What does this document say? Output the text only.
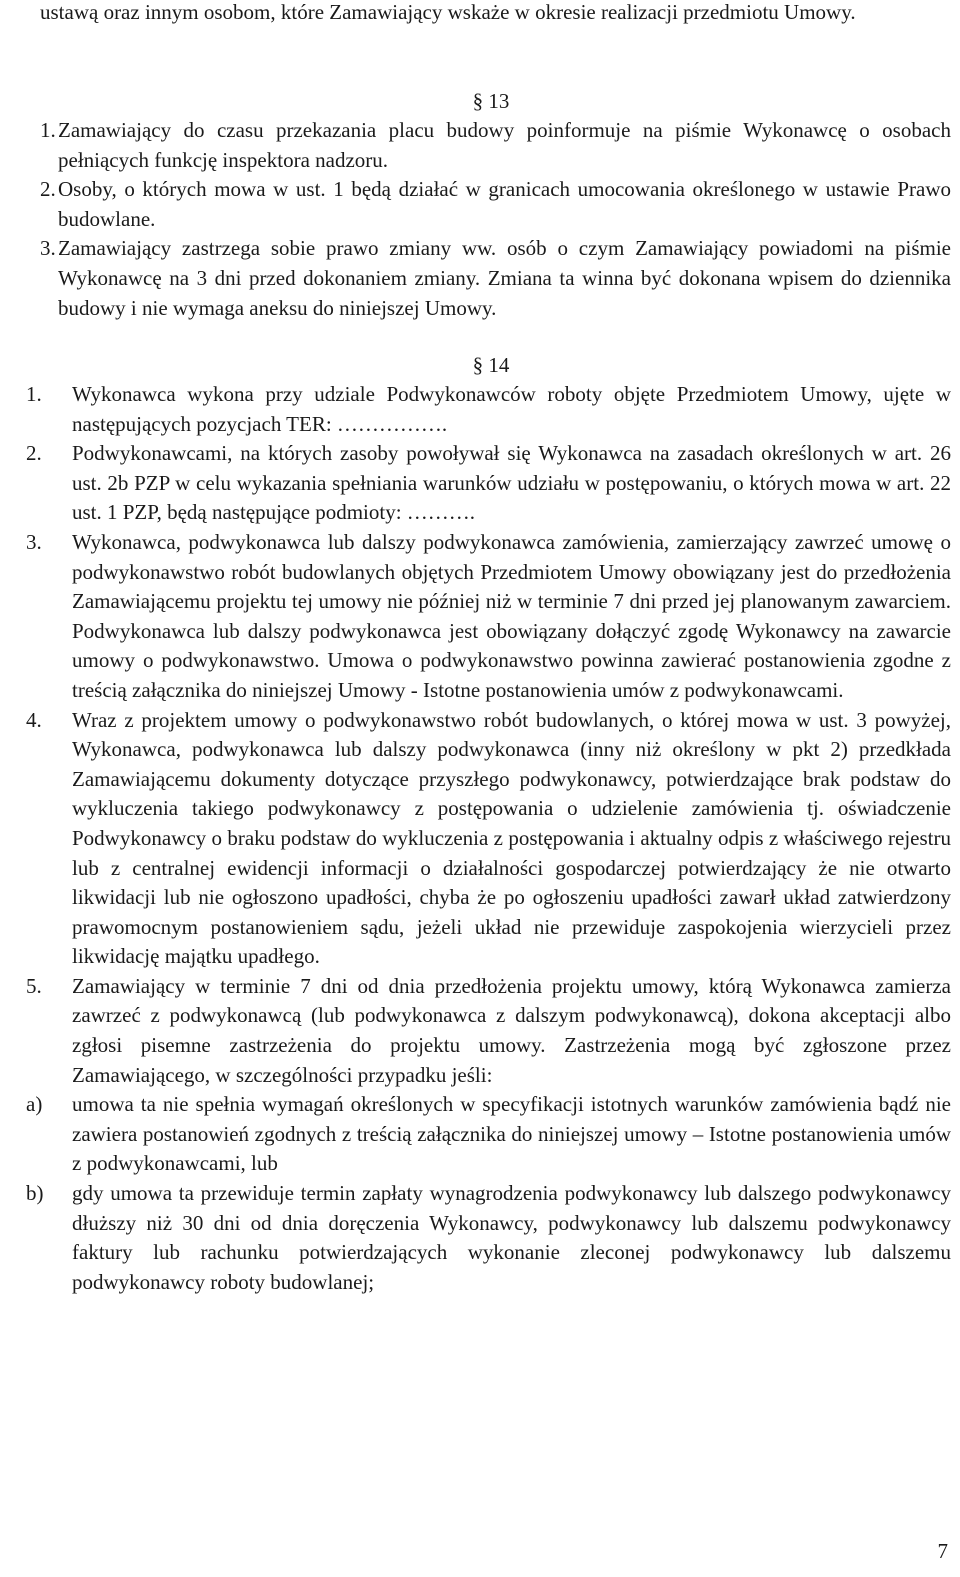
ustawą oraz innym osobom, które Zamawiający wskaże w okresie realizacji przedmiotu Umowy.

§ 13
1. Zamawiający do czasu przekazania placu budowy poinformuje na piśmie Wykonawcę o osobach pełniących funkcję inspektora nadzoru.
2. Osoby, o których mowa w ust. 1 będą działać w granicach umocowania określonego w ustawie Prawo budowlane.
3. Zamawiający zastrzega sobie prawo zmiany ww. osób o czym Zamawiający powiadomi na piśmie Wykonawcę na 3 dni przed dokonaniem zmiany. Zmiana ta winna być dokonana wpisem do dziennika budowy i nie wymaga aneksu do niniejszej Umowy.
§ 14
1. Wykonawca wykona przy udziale Podwykonawców roboty objęte Przedmiotem Umowy, ujęte w następujących pozycjach TER: …………….
2. Podwykonawcami, na których zasoby powoływał się Wykonawca na zasadach określonych w art. 26 ust. 2b PZP w celu wykazania spełniania warunków udziału w postępowaniu, o których mowa w art. 22 ust. 1 PZP, będą następujące podmioty: ……….
3. Wykonawca, podwykonawca lub dalszy podwykonawca zamówienia, zamierzający zawrzeć umowę o podwykonawstwo robót budowlanych objętych Przedmiotem Umowy obowiązany jest do przedłożenia Zamawiającemu projektu tej umowy nie później niż w terminie 7 dni przed jej planowanym zawarciem. Podwykonawca lub dalszy podwykonawca jest obowiązany dołączyć zgodę Wykonawcy na zawarcie umowy o podwykonawstwo. Umowa o podwykonawstwo powinna zawierać postanowienia zgodne z treścią załącznika do niniejszej Umowy - Istotne postanowienia umów z podwykonawcami.
4. Wraz z projektem umowy o podwykonawstwo robót budowlanych, o której mowa w ust. 3 powyżej, Wykonawca, podwykonawca lub dalszy podwykonawca (inny niż określony w pkt 2) przedkłada Zamawiającemu dokumenty dotyczące przyszłego podwykonawcy, potwierdzające brak podstaw do wykluczenia takiego podwykonawcy z postępowania o udzielenie zamówienia tj. oświadczenie Podwykonawcy o braku podstaw do wykluczenia z postępowania i aktualny odpis z właściwego rejestru lub z centralnej ewidencji informacji o działalności gospodarczej potwierdzający że nie otwarto likwidacji lub nie ogłoszono upadłości, chyba że po ogłoszeniu upadłości zawarł układ zatwierdzony prawomocnym postanowieniem sądu, jeżeli układ nie przewiduje zaspokojenia wierzycieli przez likwidację majątku upadłego.
5. Zamawiający w terminie 7 dni od dnia przedłożenia projektu umowy, którą Wykonawca zamierza zawrzeć z podwykonawcą (lub podwykonawca z dalszym podwykonawcą), dokona akceptacji albo zgłosi pisemne zastrzeżenia do projektu umowy. Zastrzeżenia mogą być zgłoszone przez Zamawiającego, w szczególności przypadku jeśli:
a) umowa ta nie spełnia wymagań określonych w specyfikacji istotnych warunków zamówienia bądź nie zawiera postanowień zgodnych z treścią załącznika do niniejszej umowy – Istotne postanowienia umów z podwykonawcami, lub
b) gdy umowa ta przewiduje termin zapłaty wynagrodzenia podwykonawcy lub dalszego podwykonawcy dłuższy niż 30 dni od dnia doręczenia Wykonawcy, podwykonawcy lub dalszemu podwykonawcy faktury lub rachunku potwierdzających wykonanie zleconej podwykonawcy lub dalszemu podwykonawcy roboty budowlanej;
7
